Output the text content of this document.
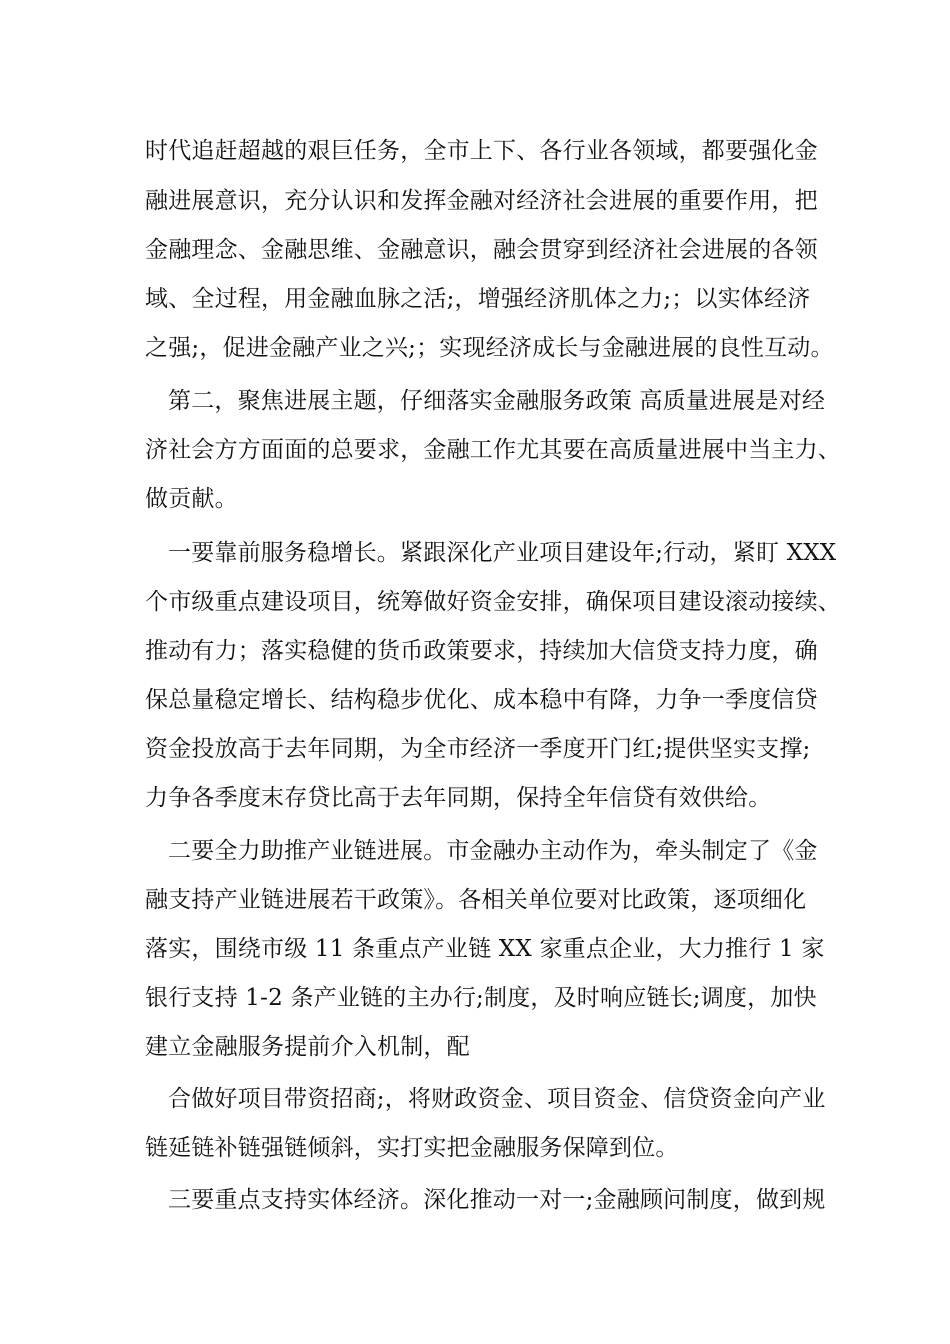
时代追赶超越的艰巨任务，全市上下、各行业各领域，都要强化金
融进展意识，充分认识和发挥金融对经济社会进展的重要作用，把
金融理念、金融思维、金融意识，融会贯穿到经济社会进展的各领
域、全过程，用金融血脉之活;，增强经济肌体之力;；以实体经济
之强;，促进金融产业之兴;；实现经济成长与金融进展的良性互动。
第二，聚焦进展主题，仔细落实金融服务政策 高质量进展是对经
济社会方方面面的总要求，金融工作尤其要在高质量进展中当主力、
做贡献。
一要靠前服务稳增长。紧跟深化产业项目建设年;行动，紧盯 XXX
个市级重点建设项目，统筹做好资金安排，确保项目建设滚动接续、
推动有力；落实稳健的货币政策要求，持续加大信贷支持力度，确
保总量稳定增长、结构稳步优化、成本稳中有降，力争一季度信贷
资金投放高于去年同期，为全市经济一季度开门红;提供坚实支撑;
力争各季度末存贷比高于去年同期，保持全年信贷有效供给。
二要全力助推产业链进展。市金融办主动作为，牵头制定了《金
融支持产业链进展若干政策》。各相关单位要对比政策，逐项细化
落实，围绕市级 11 条重点产业链 XX 家重点企业，大力推行 1 家
银行支持 1-2 条产业链的主办行;制度，及时响应链长;调度，加快
建立金融服务提前介入机制，配
合做好项目带资招商;，将财政资金、项目资金、信贷资金向产业
链延链补链强链倾斜，实打实把金融服务保障到位。
三要重点支持实体经济。深化推动一对一;金融顾问制度，做到规
